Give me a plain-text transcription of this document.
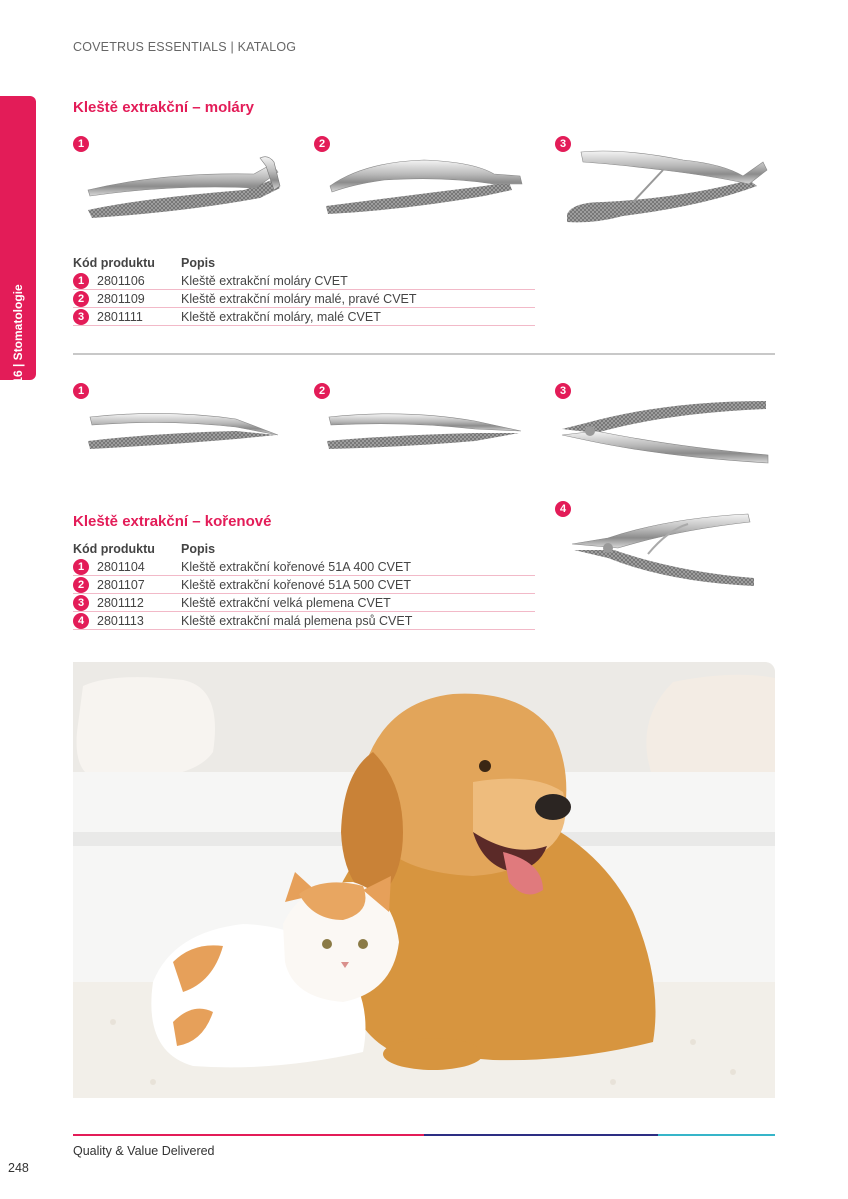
COVETRUS ESSENTIALS | KATALOG
16 | Stomatologie
Kleště extrakční – moláry
1	2	3
Kód produktu	Popis
1	2801106	Kleště extrakční moláry CVET
2	2801109	Kleště extrakční moláry malé, pravé CVET
3	2801111	Kleště extrakční moláry, malé CVET
1	2	3
4
Kleště extrakční – kořenové
Kód produktu	Popis
1	2801104	Kleště extrakční kořenové 51A 400 CVET
2	2801107	Kleště extrakční kořenové 51A 500 CVET
3	2801112	Kleště extrakční velká plemena CVET
4	2801113	Kleště extrakční malá plemena psů CVET
Quality & Value Delivered
248
